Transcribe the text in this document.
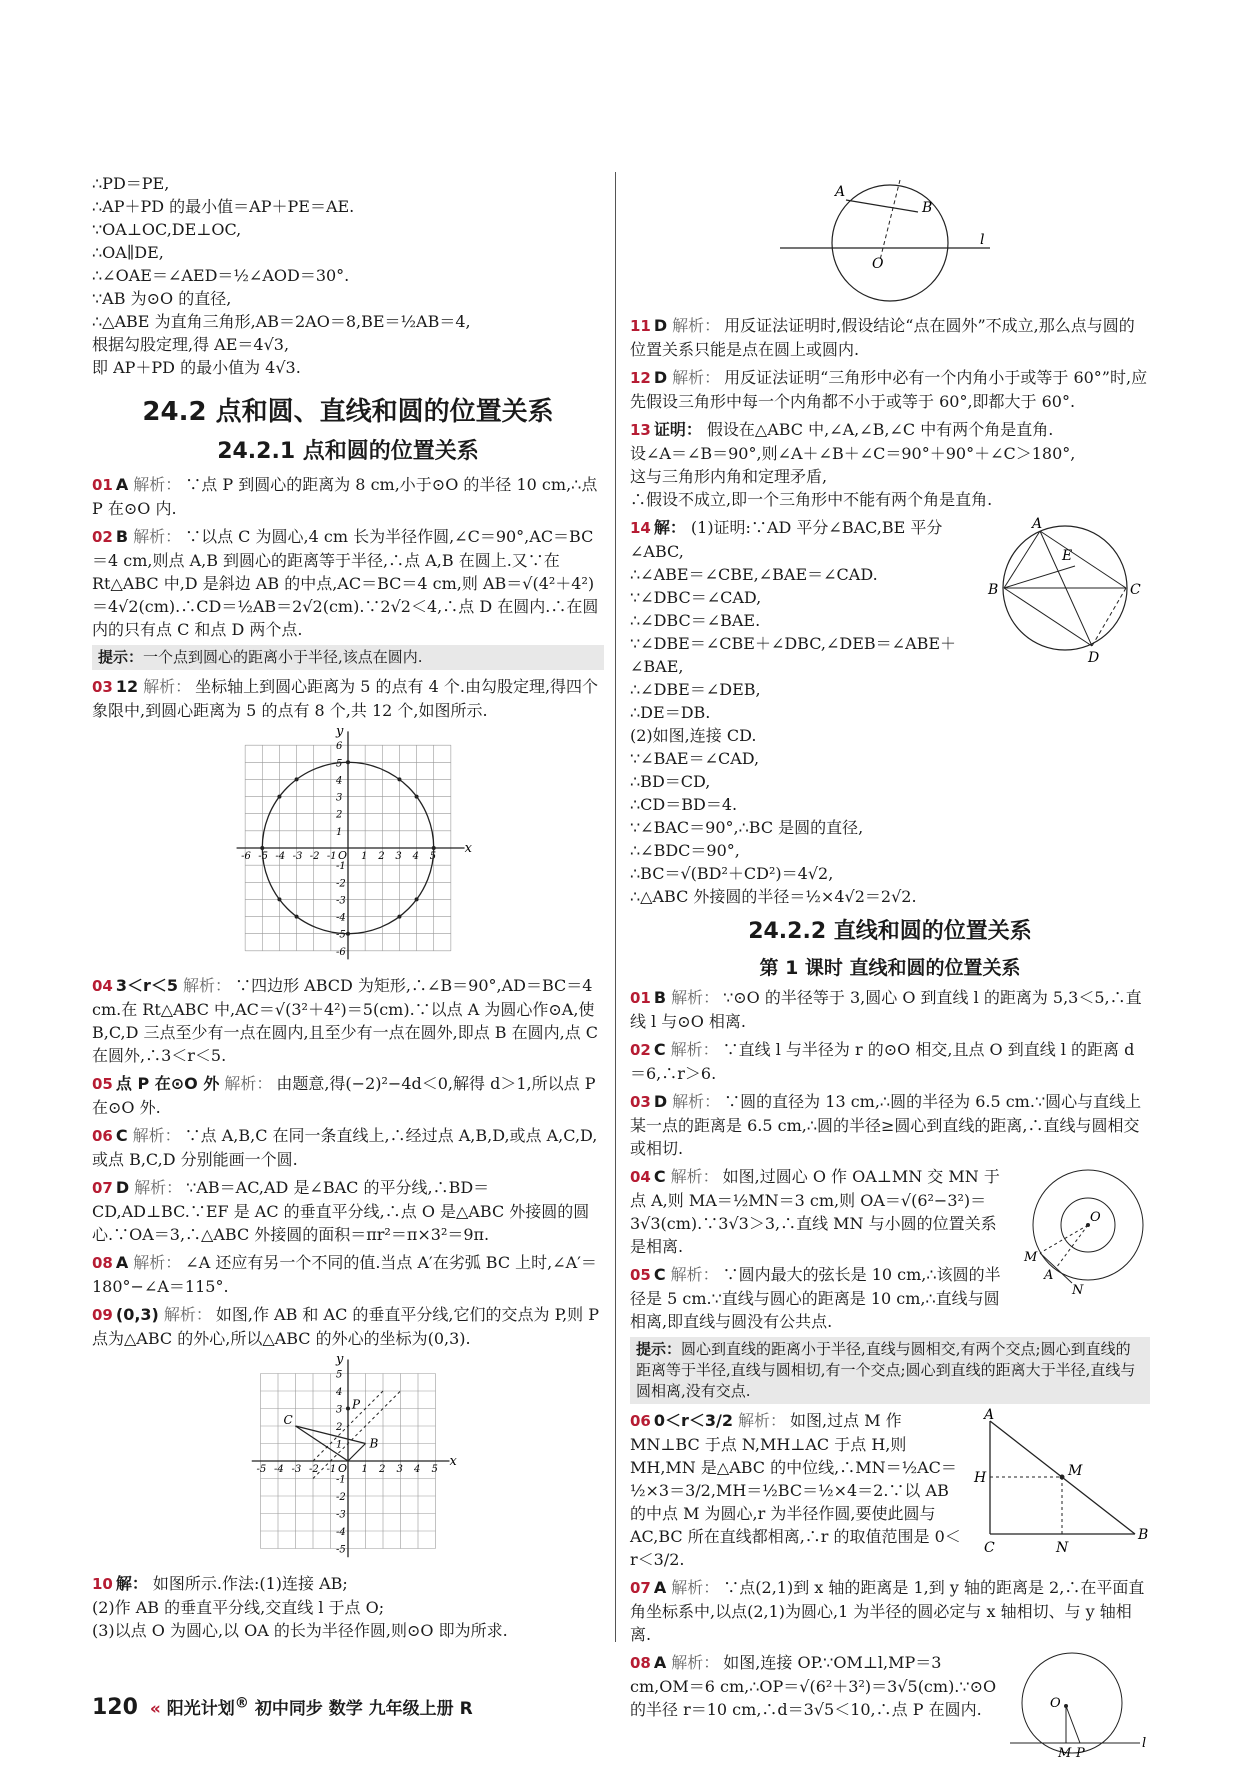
∴PD＝PE,

∴AP＋PD 的最小值＝AP＋PE＝AE.

∵OA⊥OC,DE⊥OC,

∴OA∥DE,

∴∠OAE＝∠AED＝½∠AOD＝30°.

∵AB 为⊙O 的直径,

∴△ABE 为直角三角形,AB＝2AO＝8,BE＝½AB＝4,

根据勾股定理,得 AE＝4√3,

即 AP＋PD 的最小值为 4√3.

24.2 点和圆、直线和圆的位置关系
24.2.1 点和圆的位置关系

01 A 解析： ∵点 P 到圆心的距离为 8 cm,小于⊙O 的半径 10 cm,∴点 P 在⊙O 内.

02 B 解析： ∵以点 C 为圆心,4 cm 长为半径作圆,∠C＝90°,AC＝BC＝4 cm,则点 A,B 到圆心的距离等于半径,∴点 A,B 在圆上.又∵在 Rt△ABC 中,D 是斜边 AB 的中点,AC＝BC＝4 cm,则 AB＝√(4²＋4²)＝4√2(cm).∴CD＝½AB＝2√2(cm).∵2√2＜4,∴点 D 在圆内.∴在圆内的只有点 C 和点 D 两个点.

提示：一个点到圆心的距离小于半径,该点在圆内.

03 12 解析： 坐标轴上到圆心距离为 5 的点有 4 个.由勾股定理,得四个象限中,到圆心距离为 5 的点有 8 个,共 12 个,如图所示.

x
y
O
-6 -5 -4 -3 -2 -1 1 2 3 4 5
6
5
4
3
2
1
-1
-2
-3
-4
-5
-6

04 3＜r＜5 解析： ∵四边形 ABCD 为矩形,∴∠B＝90°,AD＝BC＝4 cm.在 Rt△ABC 中,AC＝√(3²＋4²)＝5(cm).∵以点 A 为圆心作⊙A,使 B,C,D 三点至少有一点在圆内,且至少有一点在圆外,即点 B 在圆内,点 C 在圆外,∴3＜r＜5.

05 点 P 在⊙O 外 解析： 由题意,得(−2)²−4d＜0,解得 d＞1,所以点 P 在⊙O 外.

06 C 解析： ∵点 A,B,C 在同一条直线上,∴经过点 A,B,D,或点 A,C,D,或点 B,C,D 分别能画一个圆.

07 D 解析： ∵AB＝AC,AD 是∠BAC 的平分线,∴BD＝CD,AD⊥BC.∵EF 是 AC 的垂直平分线,∴点 O 是△ABC 外接圆的圆心.∵OA＝3,∴△ABC 外接圆的面积＝πr²＝π×3²＝9π.

08 A 解析： ∠A 还应有另一个不同的值.当点 A′在劣弧 BC 上时,∠A′＝180°−∠A＝115°.

09 (0,3) 解析： 如图,作 AB 和 AC 的垂直平分线,它们的交点为 P,则 P 点为△ABC 的外心,所以△ABC 的外心的坐标为(0,3).

x
y
O
-5 -4 -3 -2 -1	1 2 3 4 5
5
4
3
2
1
-1
-2
-3
-4
-5
C
P
B

10 解： 如图所示.作法:(1)连接 AB;

(2)作 AB 的垂直平分线,交直线 l 于点 O;

(3)以点 O 为圆心,以 OA 的长为半径作圆,则⊙O 即为所求.

A
B
O
l

11 D 解析： 用反证法证明时,假设结论“点在圆外”不成立,那么点与圆的位置关系只能是点在圆上或圆内.

12 D 解析： 用反证法证明“三角形中必有一个内角小于或等于 60°”时,应先假设三角形中每一个内角都不小于或等于 60°,即都大于 60°.

13 证明： 假设在△ABC 中,∠A,∠B,∠C 中有两个角是直角.

设∠A＝∠B＝90°,则∠A＋∠B＋∠C＝90°＋90°＋∠C＞180°,

这与三角形内角和定理矛盾,

∴假设不成立,即一个三角形中不能有两个角是直角.

A
E
B	C
D

14 解： (1)证明:∵AD 平分∠BAC,BE 平分∠ABC,

∴∠ABE＝∠CBE,∠BAE＝∠CAD.

∵∠DBC＝∠CAD,

∴∠DBC＝∠BAE.

∵∠DBE＝∠CBE＋∠DBC,∠DEB＝∠ABE＋∠BAE,

∴∠DBE＝∠DEB,

∴DE＝DB.

(2)如图,连接 CD.

∵∠BAE＝∠CAD,

∴BD＝CD,

∴CD＝BD＝4.

∵∠BAC＝90°,∴BC 是圆的直径,

∴∠BDC＝90°,

∴BC＝√(BD²＋CD²)＝4√2,

∴△ABC 外接圆的半径＝½×4√2＝2√2.

24.2.2 直线和圆的位置关系
第 1 课时 直线和圆的位置关系

01 B 解析： ∵⊙O 的半径等于 3,圆心 O 到直线 l 的距离为 5,3＜5,∴直线 l 与⊙O 相离.

02 C 解析： ∵直线 l 与半径为 r 的⊙O 相交,且点 O 到直线 l 的距离 d＝6,∴r＞6.

03 D 解析： ∵圆的直径为 13 cm,∴圆的半径为 6.5 cm.∵圆心与直线上某一点的距离是 6.5 cm,∴圆的半径≥圆心到直线的距离,∴直线与圆相交或相切.

O
M
A
N

04 C 解析： 如图,过圆心 O 作 OA⊥MN 交 MN 于点 A,则 MA＝½MN＝3 cm,则 OA＝√(6²−3²)＝3√3(cm).∵3√3＞3,∴直线 MN 与小圆的位置关系是相离.

05 C 解析： ∵圆内最大的弦长是 10 cm,∴该圆的半径是 5 cm.∵直线与圆心的距离是 10 cm,∴直线与圆相离,即直线与圆没有公共点.

提示：圆心到直线的距离小于半径,直线与圆相交,有两个交点;圆心到直线的距离等于半径,直线与圆相切,有一个交点;圆心到直线的距离大于半径,直线与圆相离,没有交点.
A
H	M
C	N
B

06 0＜r＜3/2 解析： 如图,过点 M 作 MN⊥BC 于点 N,MH⊥AC 于点 H,则 MH,MN 是△ABC 的中位线,∴MN＝½AC＝½×3＝3/2,MH＝½BC＝½×4＝2.∵以 AB 的中点 M 为圆心,r 为半径作圆,要使此圆与 AC,BC 所在直线都相离,∴r 的取值范围是 0＜r＜3/2.

07 A 解析： ∵点(2,1)到 x 轴的距离是 1,到 y 轴的距离是 2,∴在平面直角坐标系中,以点(2,1)为圆心,1 为半径的圆必定与 x 轴相切、与 y 轴相离.

O
M P
l

08 A 解析： 如图,连接 OP.∵OM⊥l,MP＝3 cm,OM＝6 cm,∴OP＝√(6²＋3²)＝3√5(cm).∵⊙O 的半径 r＝10 cm,∴d＝3√5＜10,∴点 P 在圆内.

120 « 阳光计划® 初中同步 数学 九年级上册 R
